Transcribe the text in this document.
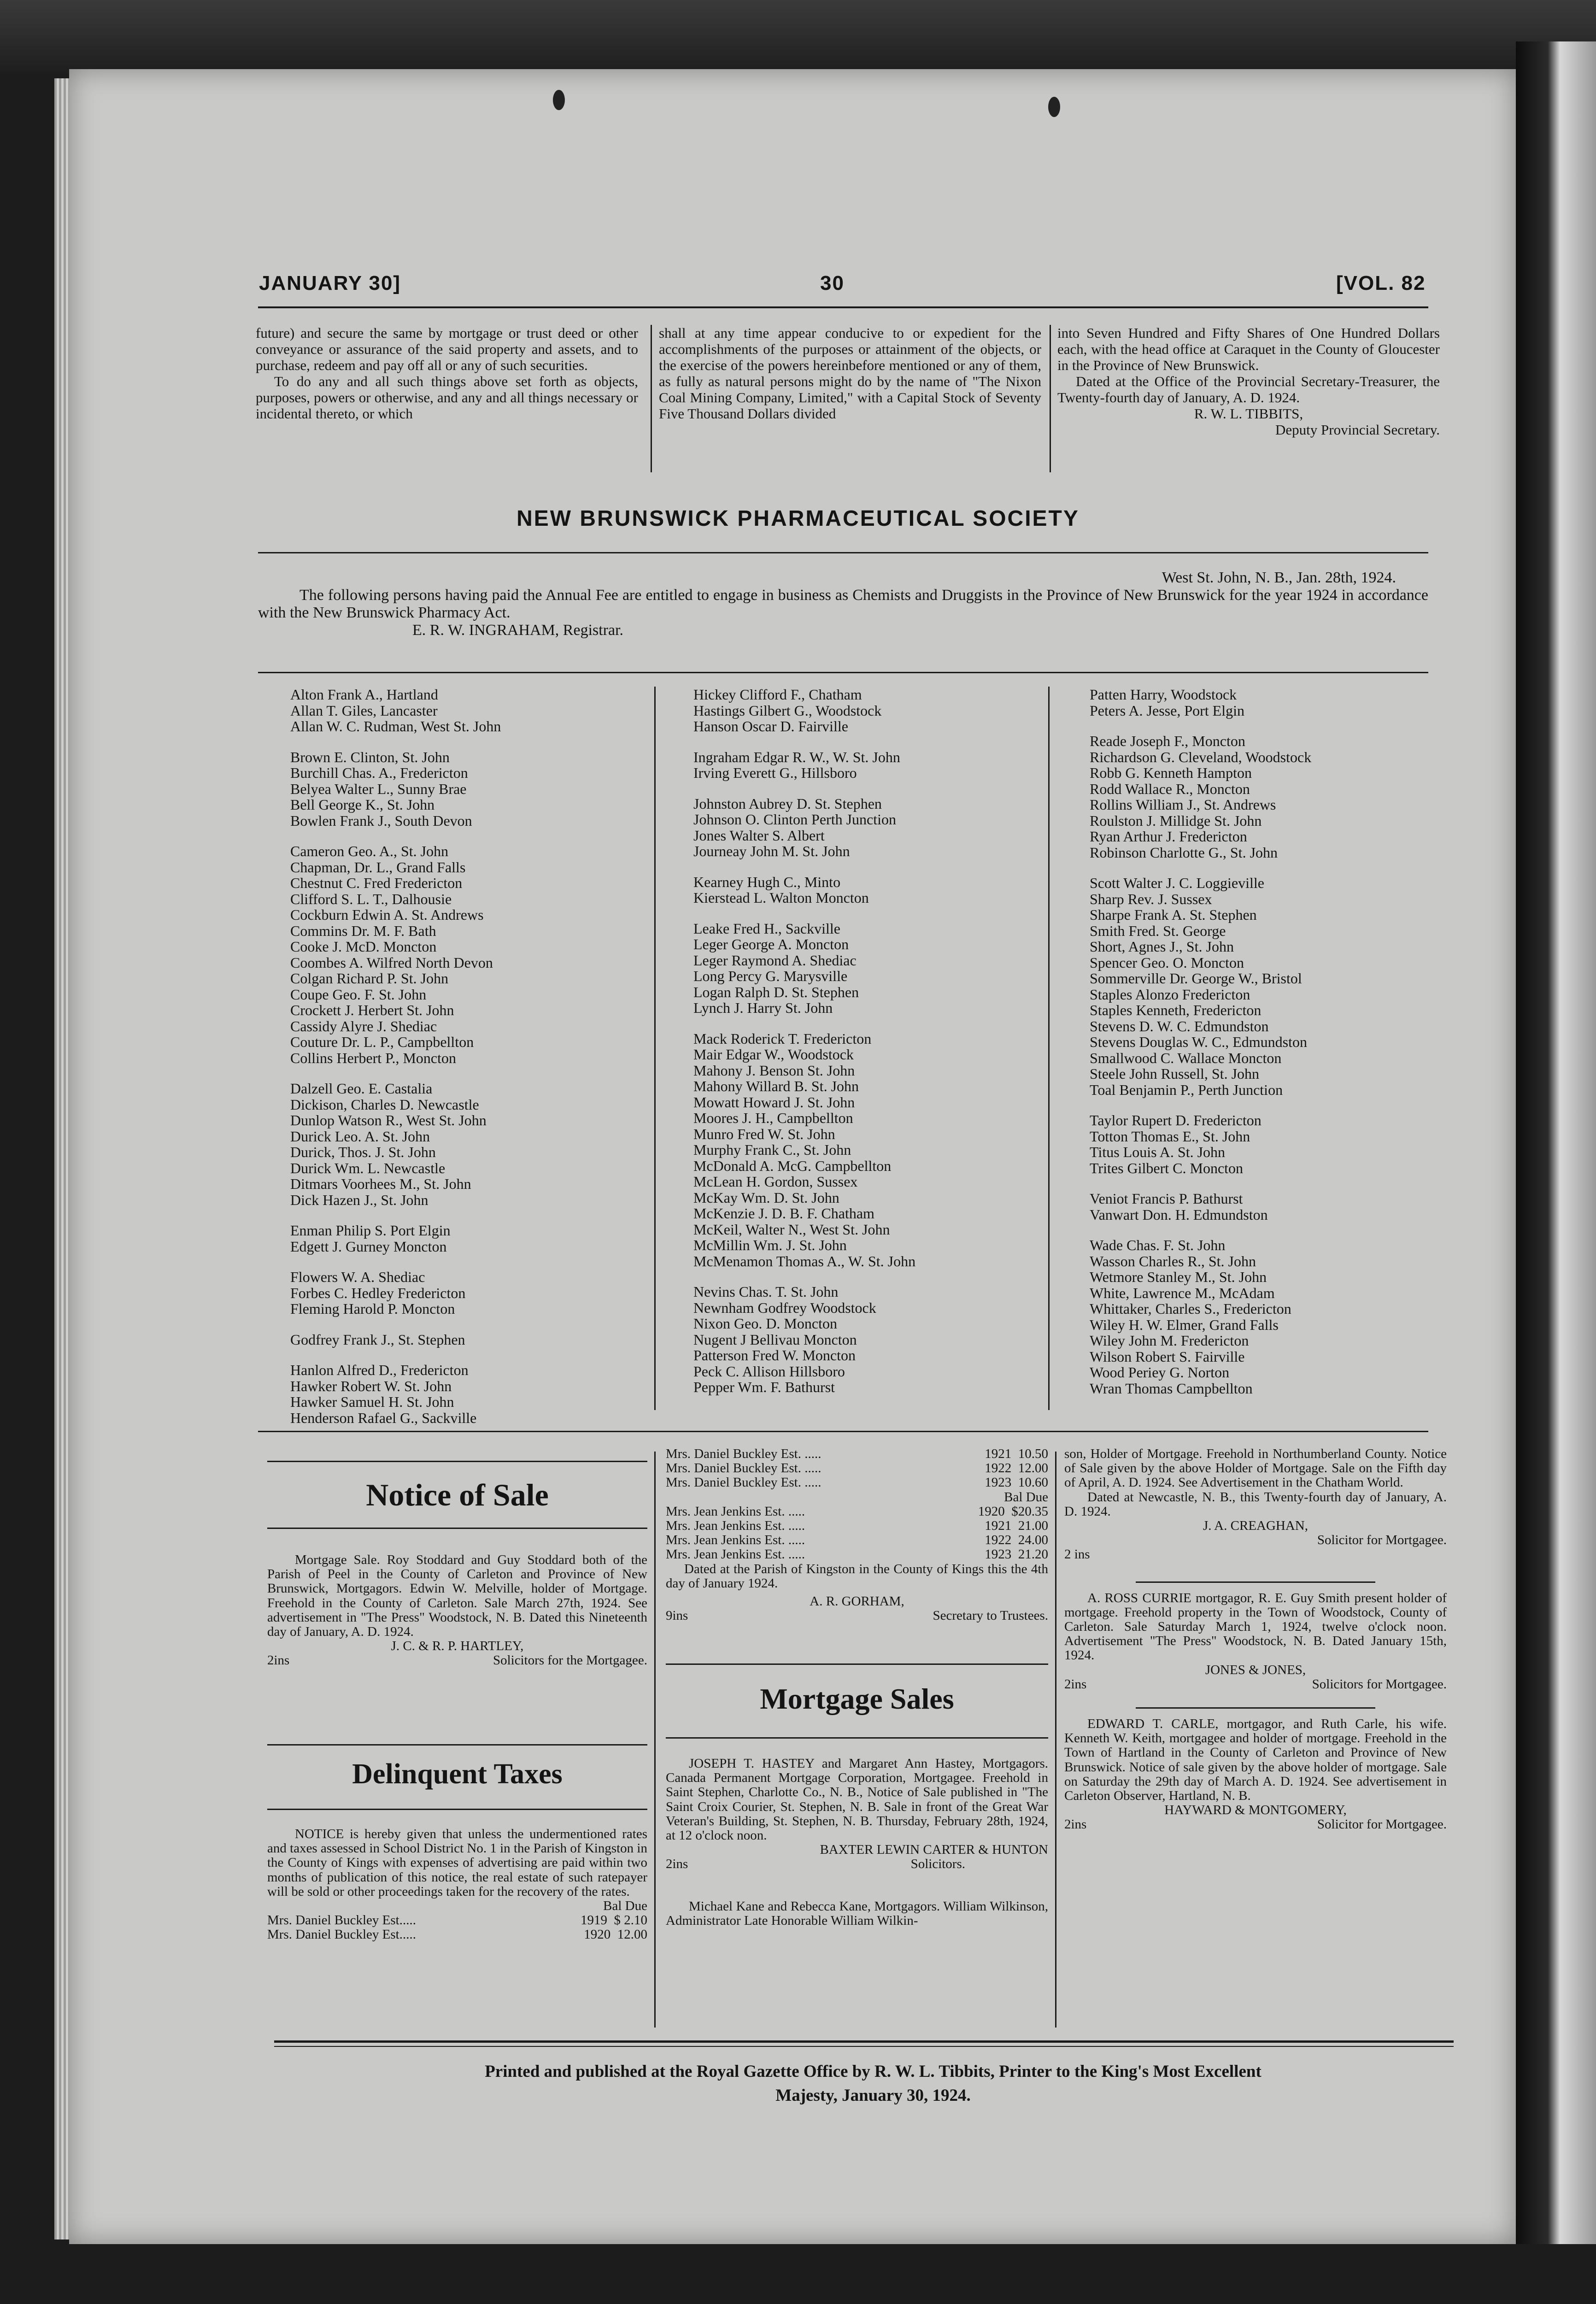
JANUARY 30]	30	[VOL. 82

future) and secure the same by mortgage or trust deed or other conveyance or assurance of the said property and assets, and to purchase, redeem and pay off all or any of such securities.

To do any and all such things above set forth as objects, purposes, powers or otherwise, and any and all things necessary or incidental thereto, or which

shall at any time appear conducive to or expedient for the accomplishments of the purposes or attainment of the objects, or the exercise of the powers hereinbefore mentioned or any of them, as fully as natural persons might do by the name of "The Nixon Coal Mining Company, Limited," with a Capital Stock of Seventy Five Thousand Dollars divided

into Seven Hundred and Fifty Shares of One Hundred Dollars each, with the head office at Caraquet in the County of Gloucester in the Province of New Brunswick.

Dated at the Office of the Provincial Secretary-Treasurer, the Twenty-fourth day of January, A. D. 1924.

R. W. L. TIBBITS,
Deputy Provincial Secretary.
NEW BRUNSWICK PHARMACEUTICAL SOCIETY
West St. John, N. B., Jan. 28th, 1924.

The following persons having paid the Annual Fee are entitled to engage in business as Chemists and Druggists in the Province of New Brunswick for the year 1924 in accordance with the New Brunswick Pharmacy Act.

E. R. W. INGRAHAM, Registrar.
Alton Frank A., Hartland
Allan T. Giles, Lancaster
Allan W. C. Rudman, West St. John
Brown E. Clinton, St. John
Burchill Chas. A., Fredericton
Belyea Walter L., Sunny Brae
Bell George K., St. John
Bowlen Frank J., South Devon
Cameron Geo. A., St. John
Chapman, Dr. L., Grand Falls
Chestnut C. Fred Fredericton
Clifford S. L. T., Dalhousie
Cockburn Edwin A. St. Andrews
Commins Dr. M. F. Bath
Cooke J. McD. Moncton
Coombes A. Wilfred North Devon
Colgan Richard P. St. John
Coupe Geo. F. St. John
Crockett J. Herbert St. John
Cassidy Alyre J. Shediac
Couture Dr. L. P., Campbellton
Collins Herbert P., Moncton
Dalzell Geo. E. Castalia
Dickison, Charles D. Newcastle
Dunlop Watson R., West St. John
Durick Leo. A. St. John
Durick, Thos. J. St. John
Durick Wm. L. Newcastle
Ditmars Voorhees M., St. John
Dick Hazen J., St. John
Enman Philip S. Port Elgin
Edgett J. Gurney Moncton
Flowers W. A. Shediac
Forbes C. Hedley Fredericton
Fleming Harold P. Moncton
Godfrey Frank J., St. Stephen
Hanlon Alfred D., Fredericton
Hawker Robert W. St. John
Hawker Samuel H. St. John
Henderson Rafael G., Sackville
Hickey Clifford F., Chatham
Hastings Gilbert G., Woodstock
Hanson Oscar D. Fairville
Ingraham Edgar R. W., W. St. John
Irving Everett G., Hillsboro
Johnston Aubrey D. St. Stephen
Johnson O. Clinton Perth Junction
Jones Walter S. Albert
Journeay John M. St. John
Kearney Hugh C., Minto
Kierstead L. Walton Moncton
Leake Fred H., Sackville
Leger George A. Moncton
Leger Raymond A. Shediac
Long Percy G. Marysville
Logan Ralph D. St. Stephen
Lynch J. Harry St. John
Mack Roderick T. Fredericton
Mair Edgar W., Woodstock
Mahony J. Benson St. John
Mahony Willard B. St. John
Mowatt Howard J. St. John
Moores J. H., Campbellton
Munro Fred W. St. John
Murphy Frank C., St. John
McDonald A. McG. Campbellton
McLean H. Gordon, Sussex
McKay Wm. D. St. John
McKenzie J. D. B. F. Chatham
McKeil, Walter N., West St. John
McMillin Wm. J. St. John
McMenamon Thomas A., W. St. John
Nevins Chas. T. St. John
Newnham Godfrey Woodstock
Nixon Geo. D. Moncton
Nugent J Bellivau Moncton
Patterson Fred W. Moncton
Peck C. Allison Hillsboro
Pepper Wm. F. Bathurst
Patten Harry, Woodstock
Peters A. Jesse, Port Elgin
Reade Joseph F., Moncton
Richardson G. Cleveland, Woodstock
Robb G. Kenneth Hampton
Rodd Wallace R., Moncton
Rollins William J., St. Andrews
Roulston J. Millidge St. John
Ryan Arthur J. Fredericton
Robinson Charlotte G., St. John
Scott Walter J. C. Loggieville
Sharp Rev. J. Sussex
Sharpe Frank A. St. Stephen
Smith Fred. St. George
Short, Agnes J., St. John
Spencer Geo. O. Moncton
Sommerville Dr. George W., Bristol
Staples Alonzo Fredericton
Staples Kenneth, Fredericton
Stevens D. W. C. Edmundston
Stevens Douglas W. C., Edmundston
Smallwood C. Wallace Moncton
Steele John Russell, St. John
Toal Benjamin P., Perth Junction
Taylor Rupert D. Fredericton
Totton Thomas E., St. John
Titus Louis A. St. John
Trites Gilbert C. Moncton
Veniot Francis P. Bathurst
Vanwart Don. H. Edmundston
Wade Chas. F. St. John
Wasson Charles R., St. John
Wetmore Stanley M., St. John
White, Lawrence M., McAdam
Whittaker, Charles S., Fredericton
Wiley H. W. Elmer, Grand Falls
Wiley John M. Fredericton
Wilson Robert S. Fairville
Wood Periey G. Norton
Wran Thomas Campbellton
Notice of Sale

Mortgage Sale. Roy Stoddard and Guy Stoddard both of the Parish of Peel in the County of Carleton and Province of New Brunswick, Mortgagors. Edwin W. Melville, holder of Mortgage. Freehold in the County of Carleton. Sale March 27th, 1924. See advertisement in "The Press" Woodstock, N. B. Dated this Nineteenth day of January, A. D. 1924.

J. C. & R. P. HARTLEY,
2ins	Solicitors for the Mortgagee.
Delinquent Taxes

NOTICE is hereby given that unless the undermentioned rates and taxes assessed in School District No. 1 in the Parish of Kingston in the County of Kings with expenses of advertising are paid within two months of publication of this notice, the real estate of such ratepayer will be sold or other proceedings taken for the recovery of the rates.

Bal Due
Mrs. Daniel Buckley Est.....	1919 $ 2.10
Mrs. Daniel Buckley Est.....	1920 12.00
Mrs. Daniel Buckley Est. .....	1921 10.50
Mrs. Daniel Buckley Est. .....	1922 12.00
Mrs. Daniel Buckley Est. .....	1923 10.60
Bal Due
Mrs. Jean Jenkins Est. .....	1920 $20.35
Mrs. Jean Jenkins Est. .....	1921 21.00
Mrs. Jean Jenkins Est. .....	1922 24.00
Mrs. Jean Jenkins Est. .....	1923 21.20

Dated at the Parish of Kingston in the County of Kings this the 4th day of January 1924.

A. R. GORHAM,
9ins	Secretary to Trustees.
Mortgage Sales

JOSEPH T. HASTEY and Margaret Ann Hastey, Mortgagors. Canada Permanent Mortgage Corporation, Mortgagee. Freehold in Saint Stephen, Charlotte Co., N. B., Notice of Sale published in "The Saint Croix Courier, St. Stephen, N. B. Sale in front of the Great War Veteran's Building, St. Stephen, N. B. Thursday, February 28th, 1924, at 12 o'clock noon.

BAXTER LEWIN CARTER & HUNTON
2ins	Solicitors.

Michael Kane and Rebecca Kane, Mortgagors. William Wilkinson, Administrator Late Honorable William Wilkin-

son, Holder of Mortgage. Freehold in Northumberland County. Notice of Sale given by the above Holder of Mortgage. Sale on the Fifth day of April, A. D. 1924. See Advertisement in the Chatham World.

Dated at Newcastle, N. B., this Twenty-fourth day of January, A. D. 1924.

J. A. CREAGHAN,
Solicitor for Mortgagee.
2 ins

A. ROSS CURRIE mortgagor, R. E. Guy Smith present holder of mortgage. Freehold property in the Town of Woodstock, County of Carleton. Sale Saturday March 1, 1924, twelve o'clock noon. Advertisement "The Press" Woodstock, N. B. Dated January 15th, 1924.

JONES & JONES,
2ins	Solicitors for Mortgagee.

EDWARD T. CARLE, mortgagor, and Ruth Carle, his wife. Kenneth W. Keith, mortgagee and holder of mortgage. Freehold in the Town of Hartland in the County of Carleton and Province of New Brunswick. Notice of sale given by the above holder of mortgage. Sale on Saturday the 29th day of March A. D. 1924. See advertisement in Carleton Observer, Hartland, N. B.

HAYWARD & MONTGOMERY,
2ins	Solicitor for Mortgagee.
Printed and published at the Royal Gazette Office by R. W. L. Tibbits, Printer to the King's Most Excellent
Majesty, January 30, 1924.
